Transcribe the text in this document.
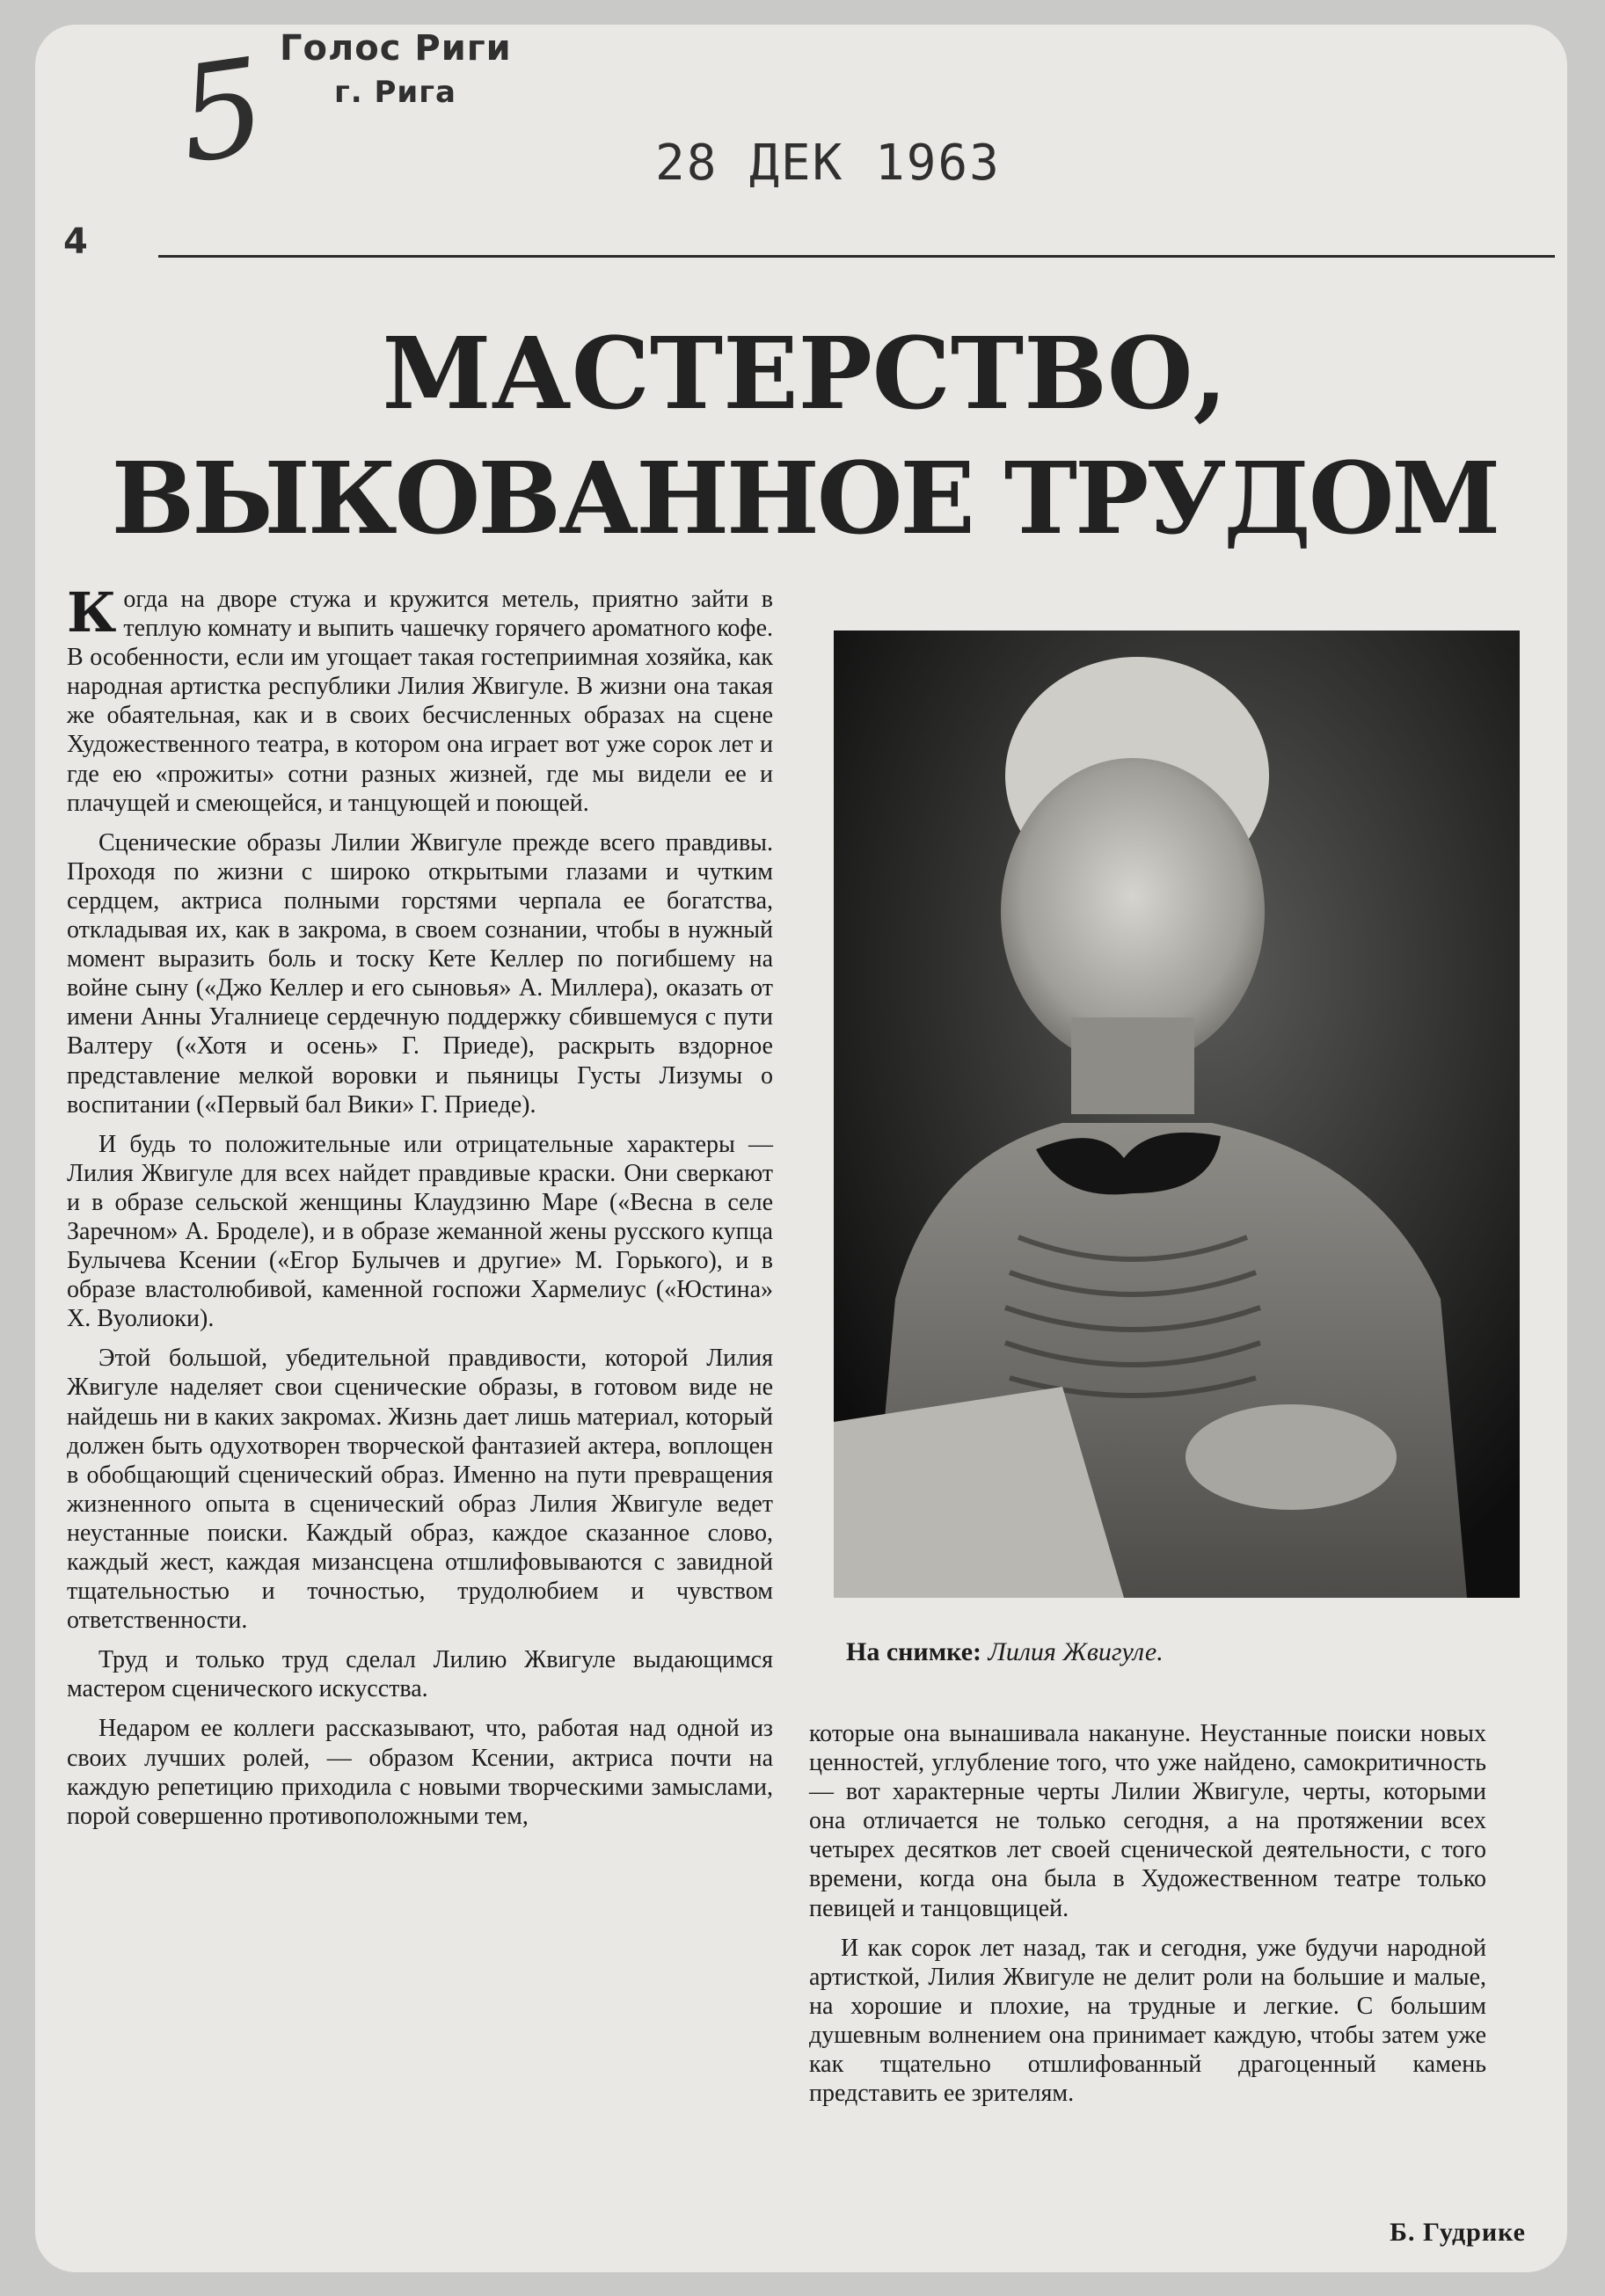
Голос Риги
г. Рига
5	28 ДЕК 1963
4
МАСТЕРСТВО,
ВЫКОВАННОЕ ТРУДОМ

Когда на дворе стужа и кружится метель, приятно зайти в теплую комнату и выпить чашечку горячего ароматного кофе. В особенности, если им угощает такая гостеприимная хозяйка, как народная артистка республики Лилия Жвигуле. В жизни она такая же обаятельная, как и в своих бесчисленных образах на сцене Художественного театра, в котором она играет вот уже сорок лет и где ею «прожиты» сотни разных жизней, где мы видели ее и плачущей и смеющейся, и танцующей и поющей.

Сценические образы Лилии Жвигуле прежде всего правдивы. Проходя по жизни с широко открытыми глазами и чутким сердцем, актриса полными горстями черпала ее богатства, откладывая их, как в закрома, в своем сознании, чтобы в нужный момент выразить боль и тоску Кете Келлер по погибшему на войне сыну («Джо Келлер и его сыновья» А. Миллера), оказать от имени Анны Угалниеце сердечную поддержку сбившемуся с пути Валтеру («Хотя и осень» Г. Приеде), раскрыть вздорное представление мелкой воровки и пьяницы Густы Лизумы о воспитании («Первый бал Вики» Г. Приеде).

И будь то положительные или отрицательные характеры — Лилия Жвигуле для всех найдет правдивые краски. Они сверкают и в образе сельской женщины Клаудзиню Маре («Весна в селе Заречном» А. Броделе), и в образе жеманной жены русского купца Булычева Ксении («Егор Булычев и другие» М. Горького), и в образе властолюбивой, каменной госпожи Хармелиус («Юстина» Х. Вуолиоки).

Этой большой, убедительной правдивости, которой Лилия Жвигуле наделяет свои сценические образы, в готовом виде не найдешь ни в каких закромах. Жизнь дает лишь материал, который должен быть одухотворен творческой фантазией актера, воплощен в обобщающий сценический образ. Именно на пути превращения жизненного опыта в сценический образ Лилия Жвигуле ведет неустанные поиски. Каждый образ, каждое сказанное слово, каждый жест, каждая мизансцена отшлифовываются с завидной тщательностью и точностью, трудолюбием и чувством ответственности.

Труд и только труд сделал Лилию Жвигуле выдающимся мастером сценического искусства.

Недаром ее коллеги рассказывают, что, работая над одной из своих лучших ролей, — образом Ксении, актриса почти на каждую репетицию приходила с новыми творческими замыслами, порой совершенно противоположными тем,

На снимке: Лилия Жвигуле.

которые она вынашивала накануне. Неустанные поиски новых ценностей, углубление того, что уже найдено, самокритичность — вот характерные черты Лилии Жвигуле, черты, которыми она отличается не только сегодня, а на протяжении всех четырех десятков лет своей сценической деятельности, с того времени, когда она была в Художественном театре только певицей и танцовщицей.

И как сорок лет назад, так и сегодня, уже будучи народной артисткой, Лилия Жвигуле не делит роли на большие и малые, на хорошие и плохие, на трудные и легкие. С большим душевным волнением она принимает каждую, чтобы затем уже как тщательно отшлифованный драгоценный камень представить ее зрителям.

Б. Гудрике
